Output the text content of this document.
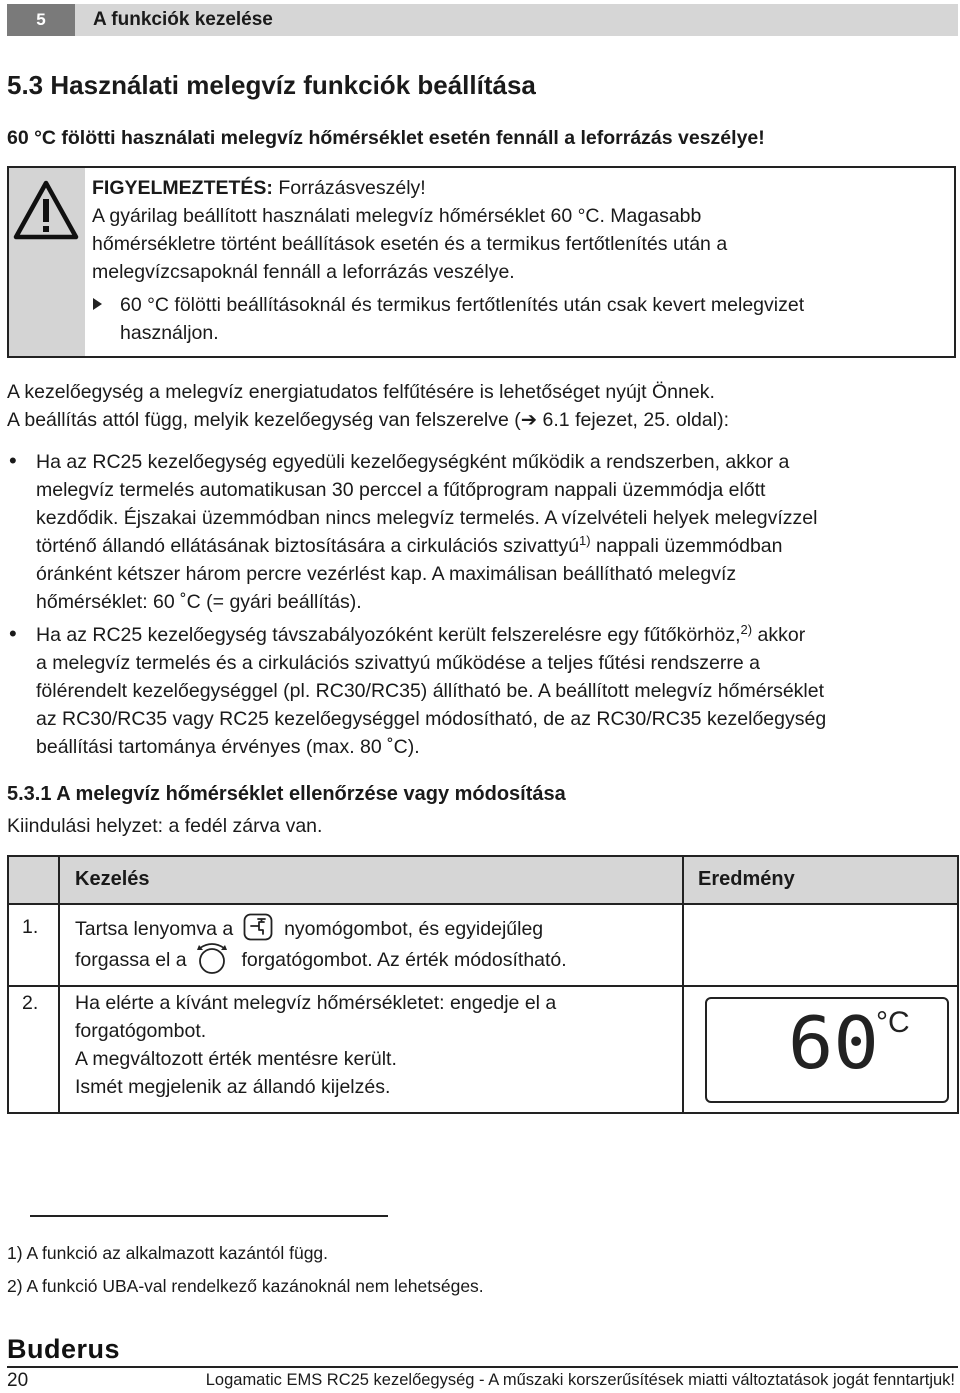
5	A funkciók kezelése
5.3 Használati melegvíz funkciók beállítása
60 °C fölötti használati melegvíz hőmérséklet esetén fennáll a leforrázás veszélye!
FIGYELMEZTETÉS: Forrázásveszély!
A gyárilag beállított használati melegvíz hőmérséklet 60 °C. Magasabb
hőmérsékletre történt beállítások esetén és a termikus fertőtlenítés után a
melegvízcsapoknál fennáll a leforrázás veszélye.
60 °C fölötti beállításoknál és termikus fertőtlenítés után csak kevert melegvizet
használjon.
A kezelőegység a melegvíz energiatudatos felfűtésére is lehetőséget nyújt Önnek.
A beállítás attól függ, melyik kezelőegység van felszerelve (➔ 6.1 fejezet, 25. oldal):
• Ha az RC25 kezelőegység egyedüli kezelőegységként működik a rendszerben, akkor a
melegvíz termelés automatikusan 30 perccel a fűtőprogram nappali üzemmódja előtt
kezdődik. Éjszakai üzemmódban nincs melegvíz termelés. A vízelvételi helyek melegvízzel
történő állandó ellátásának biztosítására a cirkulációs szivattyú$^{1)}$ nappali üzemmódban
óránként kétszer három percre vezérlést kap. A maximálisan beállítható melegvíz
hőmérséklet: 60 ˚C (= gyári beállítás).
• Ha az RC25 kezelőegység távszabályozóként került felszerelésre egy fűtőkörhöz,$^{2)}$ akkor
a melegvíz termelés és a cirkulációs szivattyú működése a teljes fűtési rendszerre a
fölérendelt kezelőegységgel (pl. RC30/RC35) állítható be. A beállított melegvíz hőmérséklet
az RC30/RC35 vagy RC25 kezelőegységgel módosítható, de az RC30/RC35 kezelőegység
beállítási tartománya érvényes (max. 80 ˚C).
5.3.1 A melegvíz hőmérséklet ellenőrzése vagy módosítása
Kiindulási helyzet: a fedél zárva van.
Kezelés	Eredmény
1. Tartsa lenyomva a  nyomógombot, és egyidejűleg
forgassa el a  forgatógombot. Az érték módosítható.
2. Ha elérte a kívánt melegvíz hőmérsékletet: engedje el a
forgatógombot.
A megváltozott érték mentésre került.
Ismét megjelenik az állandó kijelzés.
60
°C
1) A funkció az alkalmazott kazántól függ.
2) A funkció UBA-val rendelkező kazánoknál nem lehetséges.
Buderus
20	Logamatic EMS RC25 kezelőegység - A műszaki korszerűsítések miatti változtatások jogát fenntartjuk!
